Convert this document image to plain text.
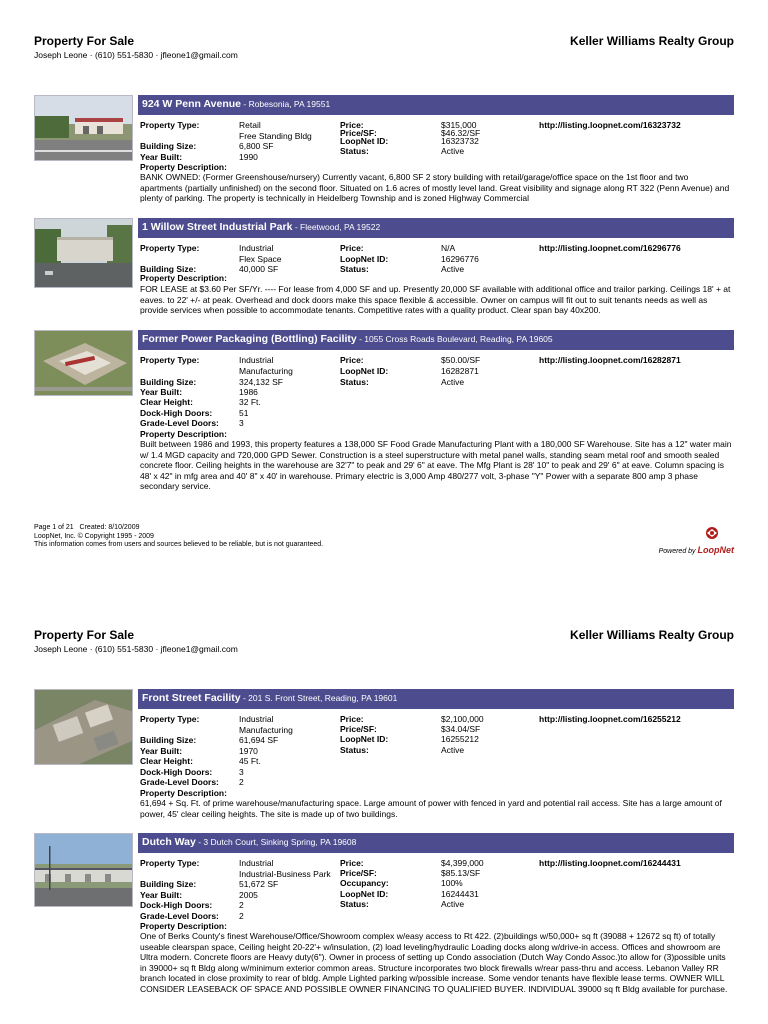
Property For Sale	Keller Williams Realty Group
Joseph Leone · (610) 551-5830 · jfleone1@gmail.com
924 W Penn Avenue - Robesonia, PA 19551
Property Type:	Retail
Free Standing Bldg
Building Size:	6,800 SF
Year Built:	1990
Property Description:
Price:	$315,000
Price/SF:	$46.32/SF
LoopNet ID:	16323732
Status:	Active
http://listing.loopnet.com/16323732
BANK OWNED: (Former Greenshouse/nursery) Currently vacant, 6,800 SF 2 story building with retail/garage/office space on the 1st floor and two apartments (partially unfinished) on the second floor. Situated on 1.6 acres of mostly level land. Great visibility and signage along RT 322 (Penn Avenue) and plenty of parking. The property is technically in Heidelberg Township and is zoned Highway Commercial
1 Willow Street Industrial Park - Fleetwood, PA 19522
Property Type:	Industrial
Flex Space
Building Size:	40,000 SF
Property Description:
Price:	N/A
LoopNet ID:	16296776
Status:	Active
http://listing.loopnet.com/16296776
FOR LEASE at $3.60 Per SF/Yr. ---- For lease from 4,000 SF and up. Presently 20,000 SF available with additional office and trailor parking. Ceilings 18' + at eaves. to 22' +/- at peak. Overhead and dock doors make this space flexible & accessible. Owner on campus will fit out to suit tenants needs as well as provide services when possible to accommodate tenants. Competitive rates with a quality product. Clear span bay 40x200.
Former Power Packaging (Bottling) Facility - 1055 Cross Roads Boulevard, Reading, PA 19605
Property Type:	Industrial
Manufacturing
Building Size:	324,132 SF
Year Built:	1986
Clear Height:	32 Ft.
Dock-High Doors:	51
Grade-Level Doors: 3
Property Description:
Price:	$50.00/SF
LoopNet ID:	16282871
Status:	Active
http://listing.loopnet.com/16282871
Built between 1986 and 1993, this property features a 138,000 SF Food Grade Manufacturing Plant with a 180,000 SF Warehouse. Site has a 12" water main w/ 1.4 MGD capacity and 720,000 GPD Sewer. Construction is a steel superstructure with metal panel walls, standing seam metal roof and smooth sealed concrete floor. Ceiling heights in the warehouse are 32'7" to peak and 29' 6" at eave. The Mfg Plant is 28' 10" to peak and 29' 6" at eave. Column spacing is 48' x 42" in mfg area and 40' 8" x 40' in warehouse. Primary electric is 3,000 Amp 480/277 volt, 3-phase "Y" Power with a separate 800 amp 3 phase secondary service.
Page 1 of 21 Created: 8/10/2009
LoopNet, Inc. © Copyright 1995 - 2009
This information comes from users and sources believed to be reliable, but is not guaranteed.
Powered by LoopNet
Property For Sale	Keller Williams Realty Group
Joseph Leone · (610) 551-5830 · jfleone1@gmail.com
Front Street Facility - 201 S. Front Street, Reading, PA 19601
Property Type:	Industrial
Manufacturing
Building Size:	61,694 SF
Year Built:	1970
Clear Height:	45 Ft.
Dock-High Doors:	3
Grade-Level Doors: 2
Property Description:
Price:	$2,100,000
Price/SF:	$34.04/SF
LoopNet ID:	16255212
Status:	Active
http://listing.loopnet.com/16255212
61,694 + Sq. Ft. of prime warehouse/manufacturing space. Large amount of power with fenced in yard and potential rail access. Site has a large amount of power, 45' clear ceiling heights. The site is made up of two buildings.
Dutch Way - 3 Dutch Court, Sinking Spring, PA 19608
Property Type:	Industrial
Industrial-Business Park
Building Size:	51,672 SF
Year Built:	2005
Dock-High Doors:	2
Grade-Level Doors: 2
Property Description:
Price:	$4,399,000
Price/SF:	$85.13/SF
Occupancy:	100%
LoopNet ID:	16244431
Status:	Active
http://listing.loopnet.com/16244431
One of Berks County's finest Warehouse/Office/Showroom complex w/easy access to Rt 422. (2)buildings w/50,000+ sq ft (39088 + 12672 sq ft) of totally useable clearspan space, Ceiling height 20-22'+ w/insulation, (2) load leveling/hydraulic Loading docks along w/drive-in access. Offices and showroom are Ultra modern. Concrete floors are Heavy duty(6"). Owner in process of setting up Condo association (Dutch Way Condo Assoc.)to allow for (3)possible units in 39000+ sq ft Bldg along w/minimum exterior common areas. Structure incorporates two block firewalls w/rear pass-thru and access. Lebanon Valley RR branch located in close proximity to rear of bldg. Ample Lighted parking w/possible increase. Some vendor tenants have flexible lease terms. OWNER WILL CONSIDER LEASEBACK OF SPACE AND POSSIBLE OWNER FINANCING TO QUALIFIED BUYER. INDIVIDUAL 39000 sq ft Bldg available for purchase.
